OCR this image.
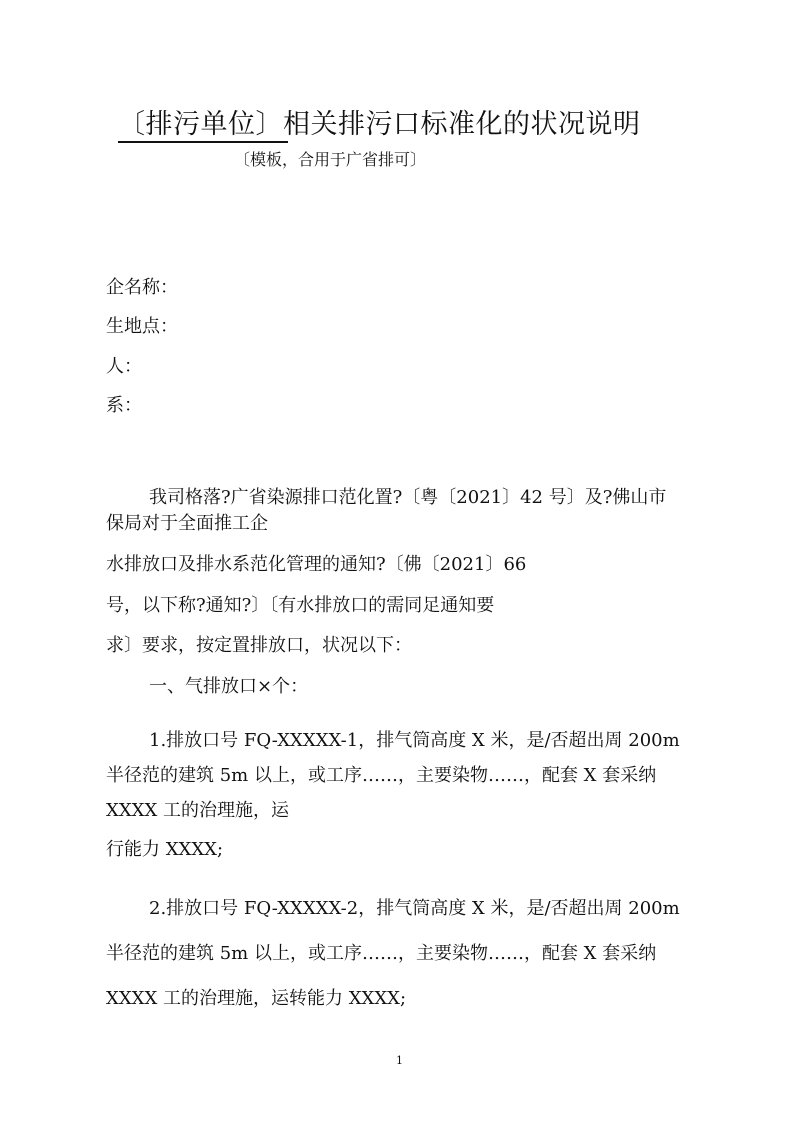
〔排污单位〕相关排污口标准化的状况说明
〔模板，合用于广省排可〕
企名称：
生地点：
人：
系：
我司格落?广省染源排口范化置?〔粤〔2021〕42 号〕及?佛山市
保局对于全面推工企
水排放口及排水系范化管理的通知?〔佛〔2021〕66
号，以下称?通知?〕〔有水排放口的需同足通知要
求〕要求，按定置排放口，状况以下：
一、气排放口×个：
1.排放口号 FQ-XXXXX-1，排气筒高度 X 米，是/否超出周 200m
半径范的建筑 5m 以上，或工序……，主要染物……，配套 X 套采纳
XXXX 工的治理施，运
行能力 XXXX;
2.排放口号 FQ-XXXXX-2，排气筒高度 X 米，是/否超出周 200m
半径范的建筑 5m 以上，或工序……，主要染物……，配套 X 套采纳
XXXX 工的治理施，运转能力 XXXX;
1
